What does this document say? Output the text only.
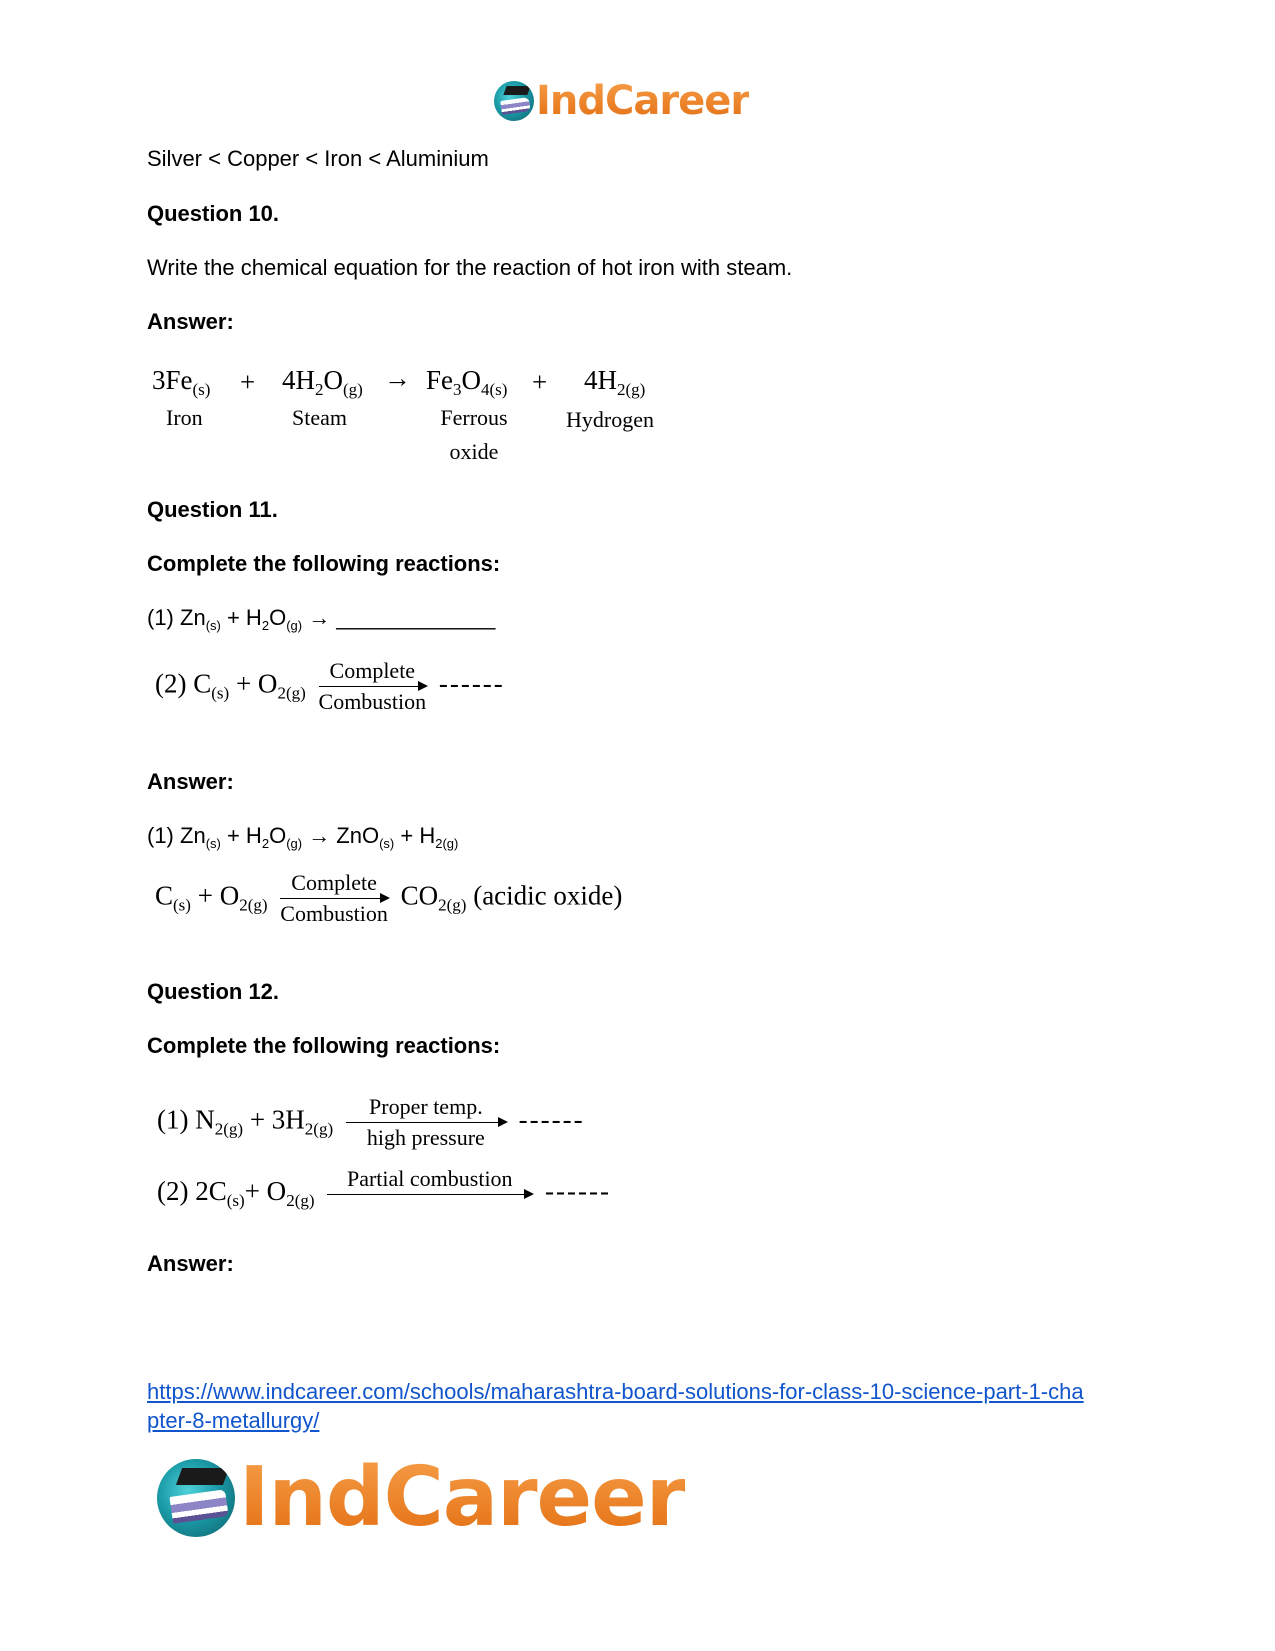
IndCareer
Silver < Copper < Iron < Aluminium
Question 10.
Write the chemical equation for the reaction of hot iron with steam.
Answer:
$3Fe_{(s)}$
Iron
+ $4H_2O_{(g)}$
Steam
→ $Fe_3O_{4(s)}$
Ferrous
oxide
+ $4H_{2(g)}$
Hydrogen
Question 11.
Complete the following reactions:
(1) $Zn_{(s)} + H_2O_{(g)}$ → _____________
(2) $C_{(s)} + O_{2(g)}$
Complete
Combustion
------
Answer:
(1) $Zn_{(s)} + H_2O_{(g)} \to ZnO_{(s)} + H_{2(g)}$
$C_{(s)} + O_{2(g)}$
Complete
Combustion
$CO_{2(g)}$ (acidic oxide)
Question 12.
Complete the following reactions:
(1) $N_{2(g)} + 3H_{2(g)}$
Proper temp.
high pressure
------
(2) $2C_{(s)}+ O_{2(g)}$
Partial combustion ------
Answer:
https://www.indcareer.com/schools/maharashtra-board-solutions-for-class-10-science-part-1-cha
pter-8-metallurgy/
IndCareer
